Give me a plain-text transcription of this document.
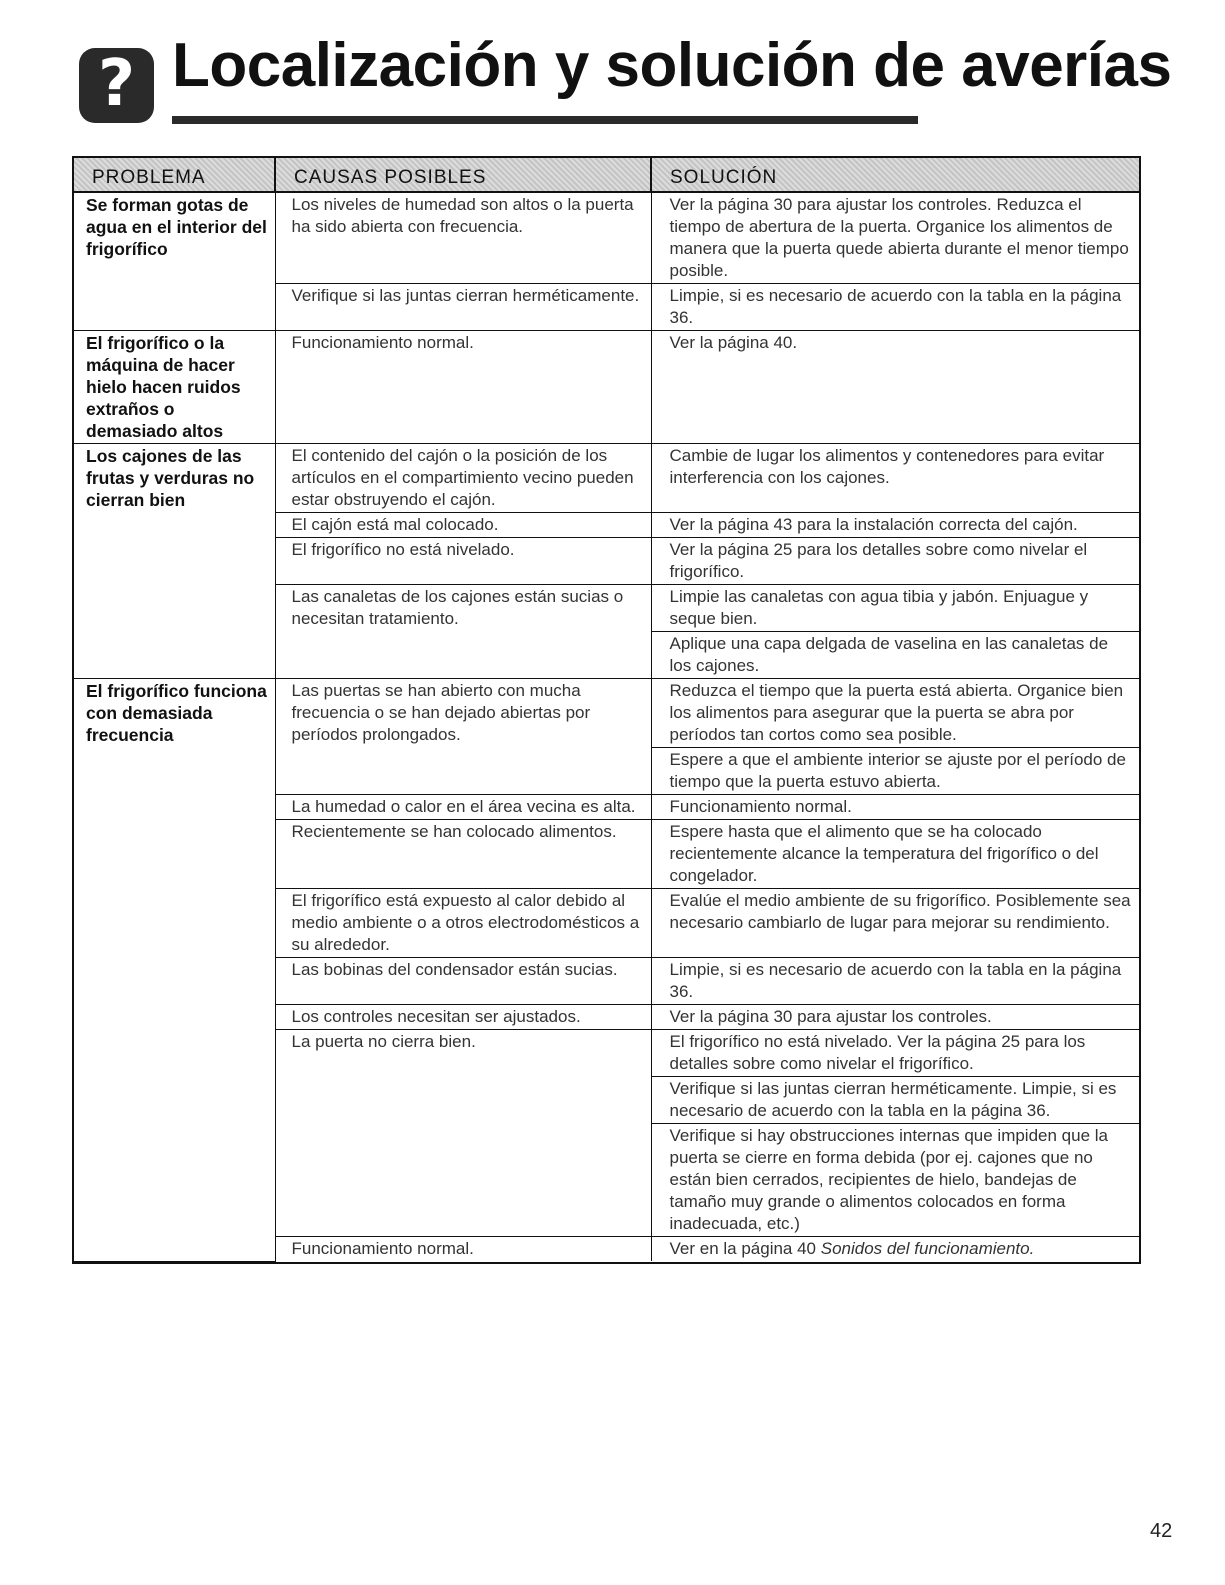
? Localización y solución de averías
PROBLEMA	CAUSAS POSIBLES	SOLUCIÓN
Se forman gotas de agua en el interior del frigorífico	Los niveles de humedad son altos o la puerta ha sido abierta con frecuencia.	Ver la página 30 para ajustar los controles. Reduzca el tiempo de abertura de la puerta. Organice los alimentos de manera que la puerta quede abierta durante el menor tiempo posible.
	Verifique si las juntas cierran herméticamente.	Limpie, si es necesario de acuerdo con la tabla en la página 36.
El frigorífico o la máquina de hacer hielo hacen ruidos extraños o demasiado altos	Funcionamiento normal.	Ver la página 40.
Los cajones de las frutas y verduras no cierran bien	El contenido del cajón o la posición de los artículos en el compartimiento vecino pueden estar obstruyendo el cajón.	Cambie de lugar los alimentos y contenedores para evitar interferencia con los cajones.
	El cajón está mal colocado.	Ver la página 43 para la instalación correcta del cajón.
	El frigorífico no está nivelado.	Ver la página 25 para los detalles sobre como nivelar el frigorífico.
	Las canaletas de los cajones están sucias o necesitan tratamiento.	Limpie las canaletas con agua tibia y jabón. Enjuague y seque bien.
		Aplique una capa delgada de vaselina en las canaletas de los cajones.
El frigorífico funciona con demasiada frecuencia	Las puertas se han abierto con mucha frecuencia o se han dejado abiertas por períodos prolongados.	Reduzca el tiempo que la puerta está abierta. Organice bien los alimentos para asegurar que la puerta se abra por períodos tan cortos como sea posible.
		Espere a que el ambiente interior se ajuste por el período de tiempo que la puerta estuvo abierta.
	La humedad o calor en el área vecina es alta.	Funcionamiento normal.
	Recientemente se han colocado alimentos.	Espere hasta que el alimento que se ha colocado recientemente alcance la temperatura del frigorífico o del congelador.
	El frigorífico está expuesto al calor debido al medio ambiente o a otros electrodomésticos a su alrededor.	Evalúe el medio ambiente de su frigorífico. Posiblemente sea necesario cambiarlo de lugar para mejorar su rendimiento.
	Las bobinas del condensador están sucias.	Limpie, si es necesario de acuerdo con la tabla en la página 36.
	Los controles necesitan ser ajustados.	Ver la página 30 para ajustar los controles.
	La puerta no cierra bien.	El frigorífico no está nivelado. Ver la página 25 para los detalles sobre como nivelar el frigorífico.
		Verifique si las juntas cierran herméticamente. Limpie, si es necesario de acuerdo con la tabla en la página 36.
		Verifique si hay obstrucciones internas que impiden que la puerta se cierre en forma debida (por ej. cajones que no están bien cerrados, recipientes de hielo, bandejas de tamaño muy grande o alimentos colocados en forma inadecuada, etc.)
	Funcionamiento normal.	Ver en la página 40 Sonidos del funcionamiento.
42
